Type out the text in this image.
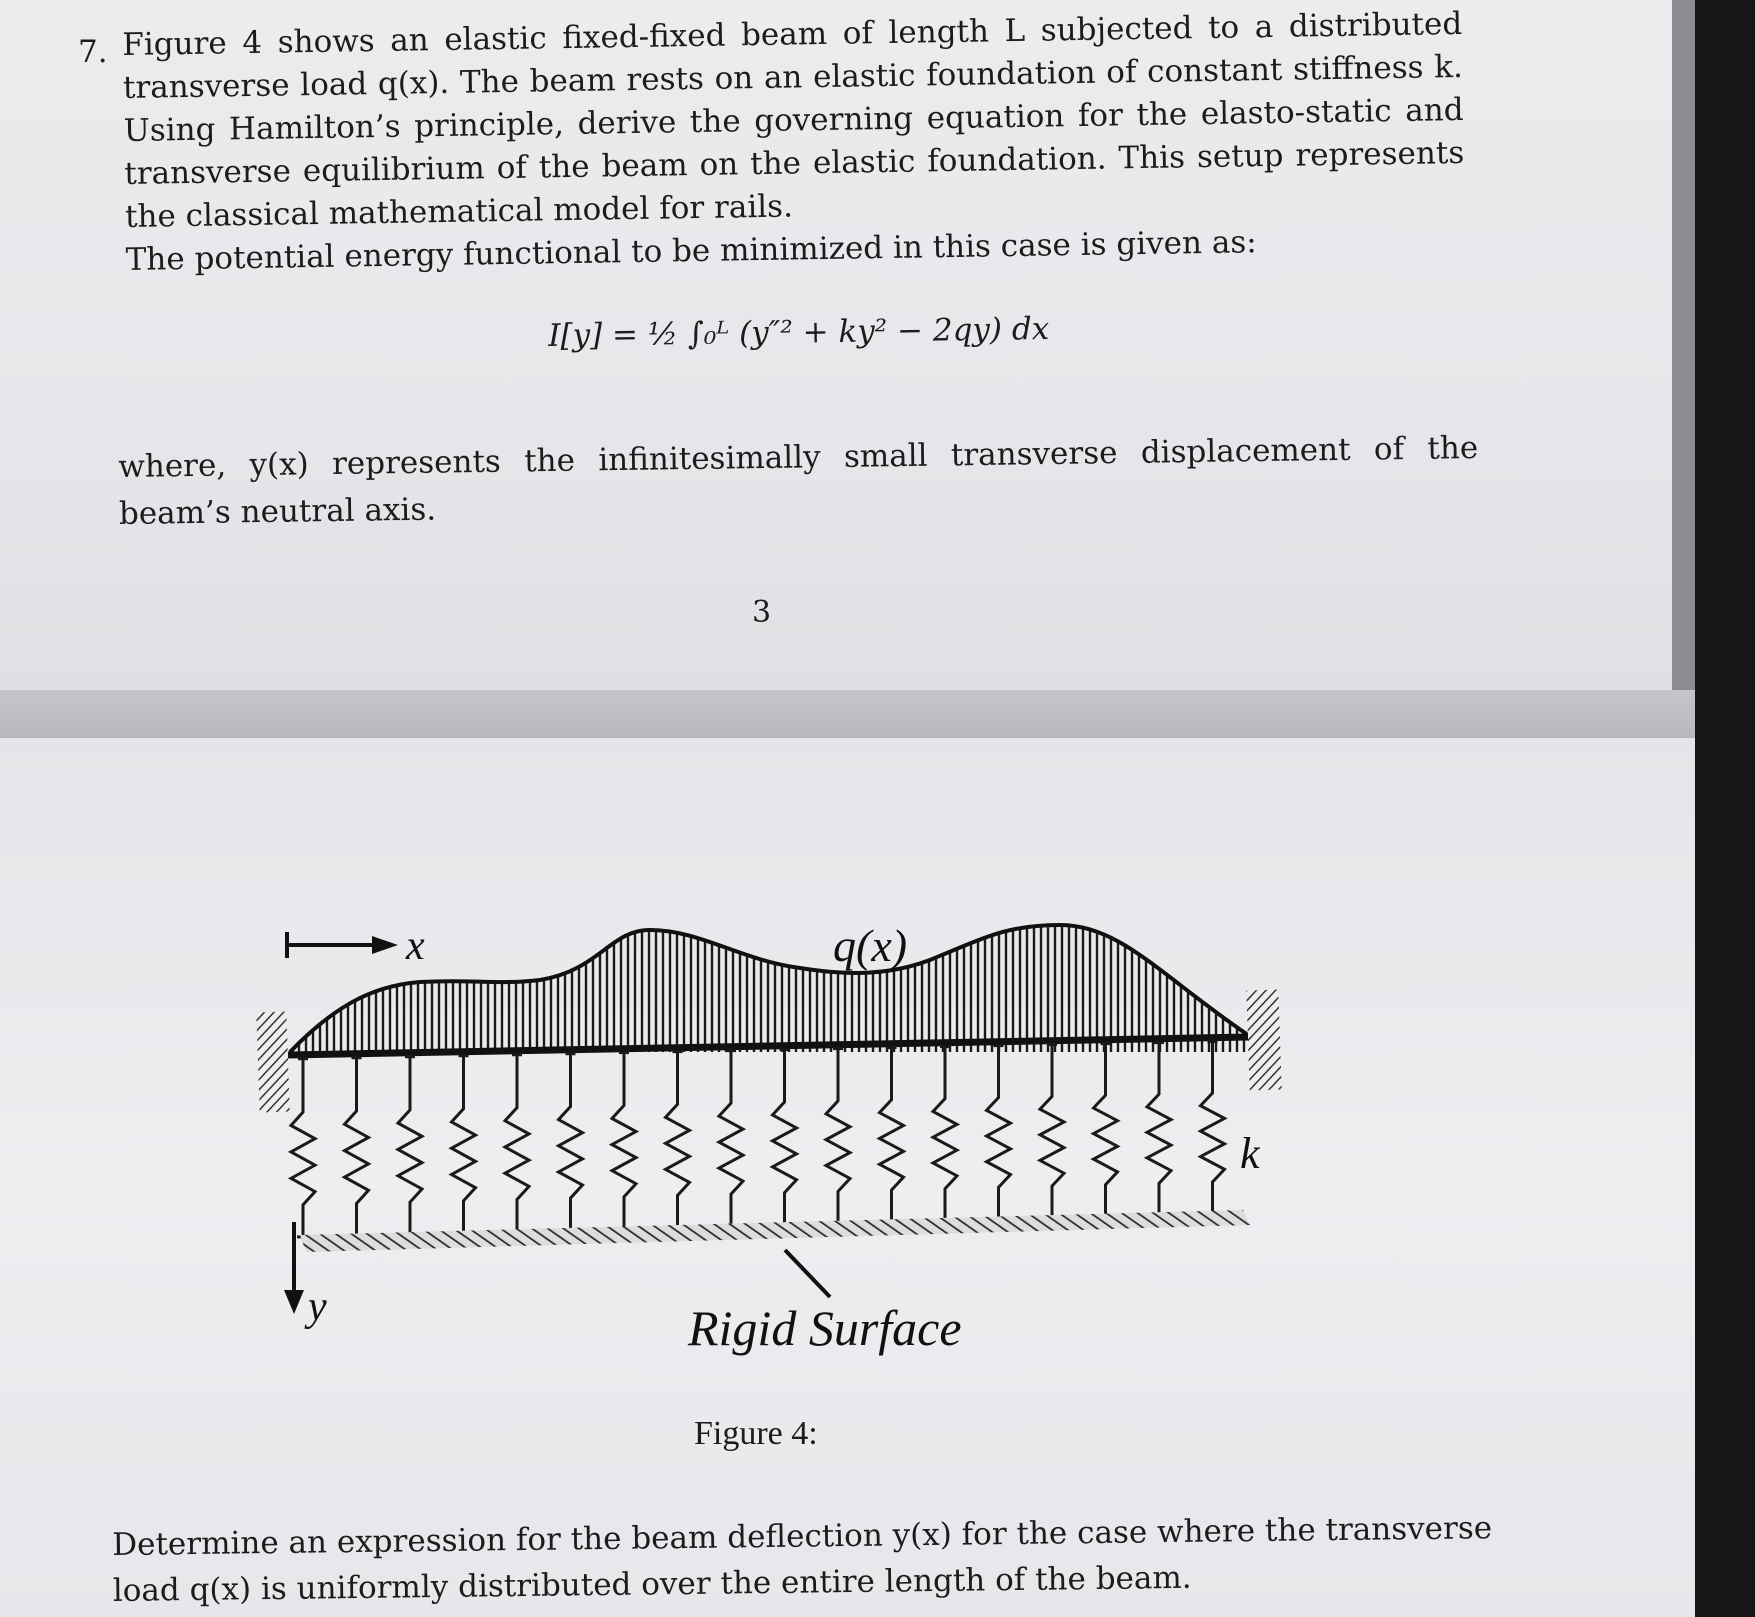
7. Figure 4 shows an elastic fixed-fixed beam of length L subjected to a distributed transverse load q(x). The beam rests on an elastic foundation of constant stiffness k. Using Hamilton’s principle, derive the governing equation for the elasto-static and transverse equilibrium of the beam on the elastic foundation. This setup represents the classical mathematical model for rails.

The potential energy functional to be minimized in this case is given as:

I[y] = ½ ∫₀ᴸ (y″² + ky² − 2qy) dx
where, y(x) represents the infinitesimally small transverse displacement of the beam’s neutral axis.
3
x	q(x)
k
Rigid Surface
y
Figure 4:

Determine an expression for the beam deflection y(x) for the case where the transverse

load q(x) is uniformly distributed over the entire length of the beam.
